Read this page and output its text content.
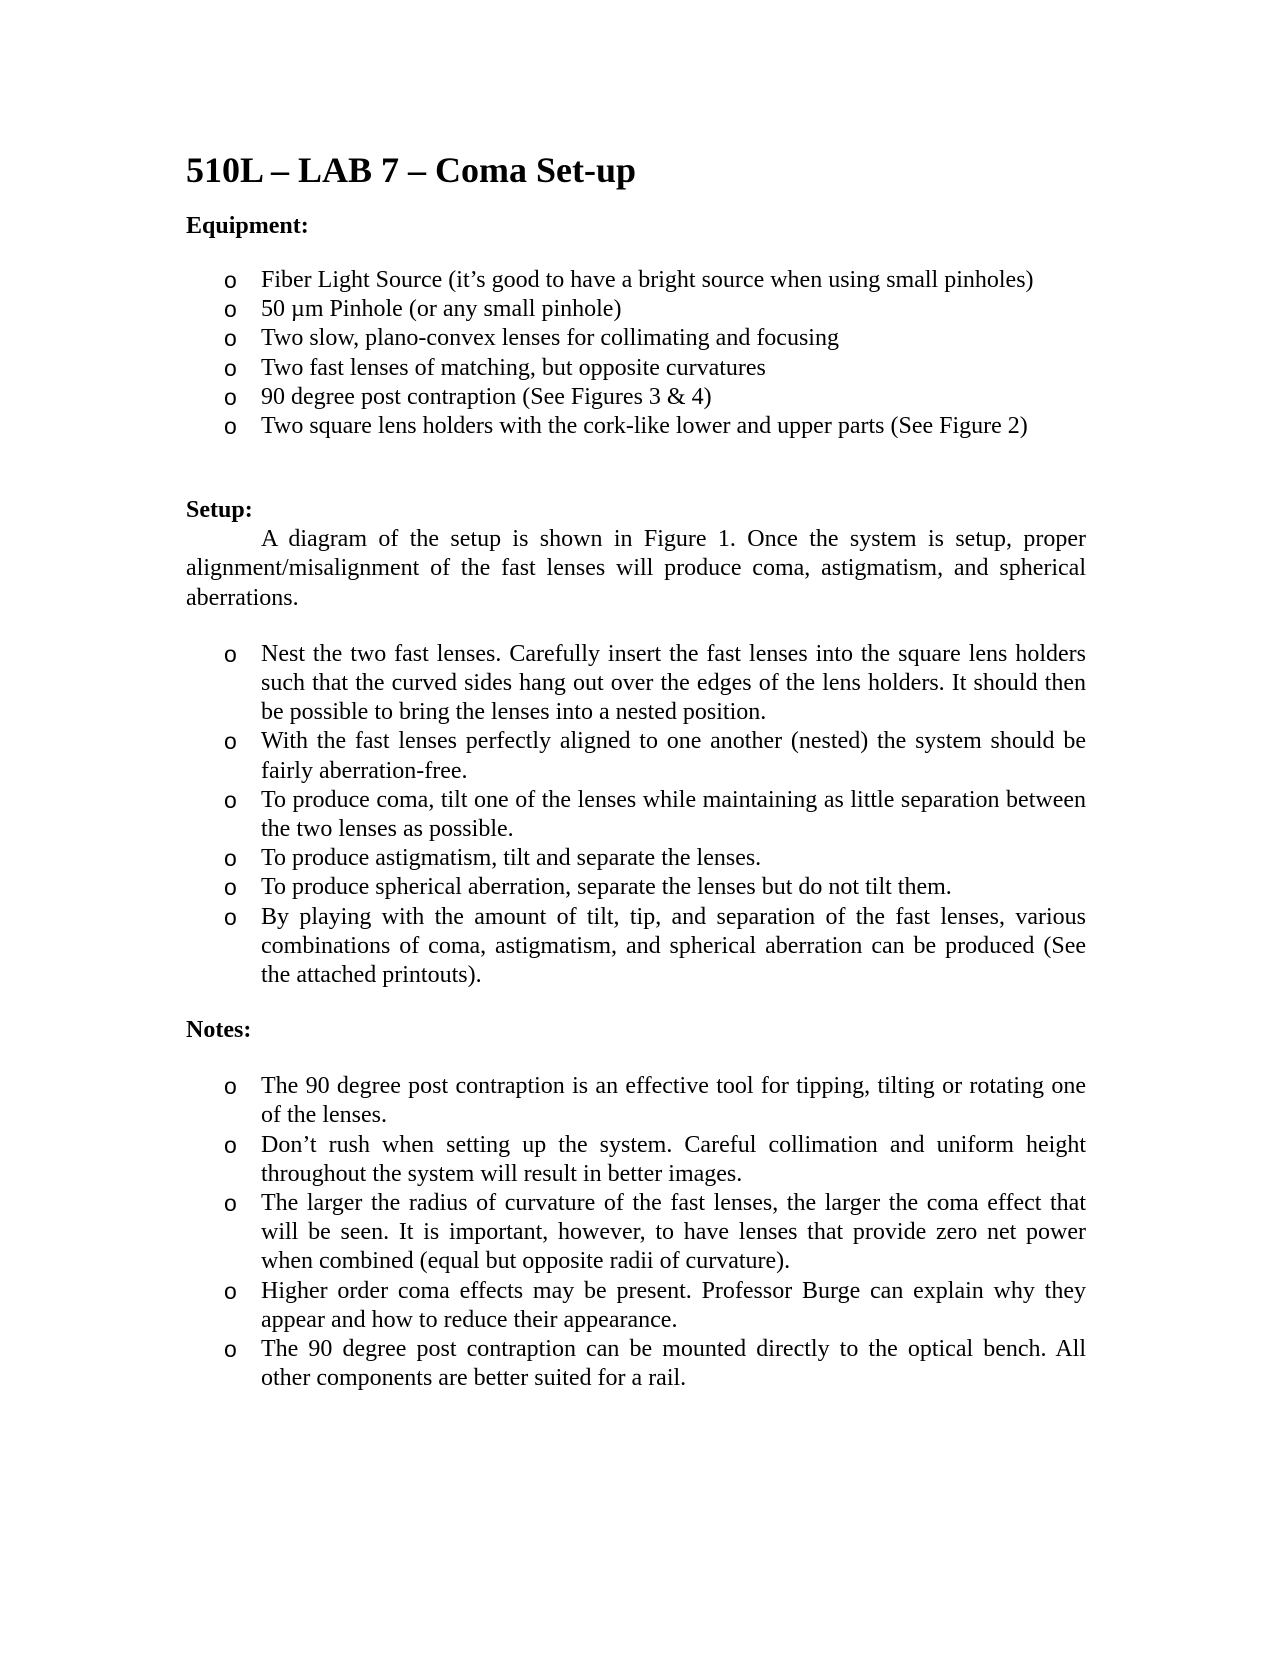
510L – LAB 7 – Coma Set-up
Equipment:
o Fiber Light Source (it’s good to have a bright source when using small pinholes)
o 50 µm Pinhole (or any small pinhole)
o Two slow, plano-convex lenses for collimating and focusing
o Two fast lenses of matching, but opposite curvatures
o 90 degree post contraption (See Figures 3 & 4)
o Two square lens holders with the cork-like lower and upper parts (See Figure 2)
Setup:

A diagram of the setup is shown in Figure 1. Once the system is setup, proper alignment/misalignment of the fast lenses will produce coma, astigmatism, and spherical aberrations.

o Nest the two fast lenses. Carefully insert the fast lenses into the square lens holders such that the curved sides hang out over the edges of the lens holders. It should then be possible to bring the lenses into a nested position.
o With the fast lenses perfectly aligned to one another (nested) the system should be fairly aberration-free.
o To produce coma, tilt one of the lenses while maintaining as little separation between the two lenses as possible.
o To produce astigmatism, tilt and separate the lenses.
o To produce spherical aberration, separate the lenses but do not tilt them.
o By playing with the amount of tilt, tip, and separation of the fast lenses, various combinations of coma, astigmatism, and spherical aberration can be produced (See the attached printouts).
Notes:
o The 90 degree post contraption is an effective tool for tipping, tilting or rotating one of the lenses.
o Don’t rush when setting up the system. Careful collimation and uniform height throughout the system will result in better images.
o The larger the radius of curvature of the fast lenses, the larger the coma effect that will be seen. It is important, however, to have lenses that provide zero net power when combined (equal but opposite radii of curvature).
o Higher order coma effects may be present. Professor Burge can explain why they appear and how to reduce their appearance.
o The 90 degree post contraption can be mounted directly to the optical bench. All other components are better suited for a rail.
